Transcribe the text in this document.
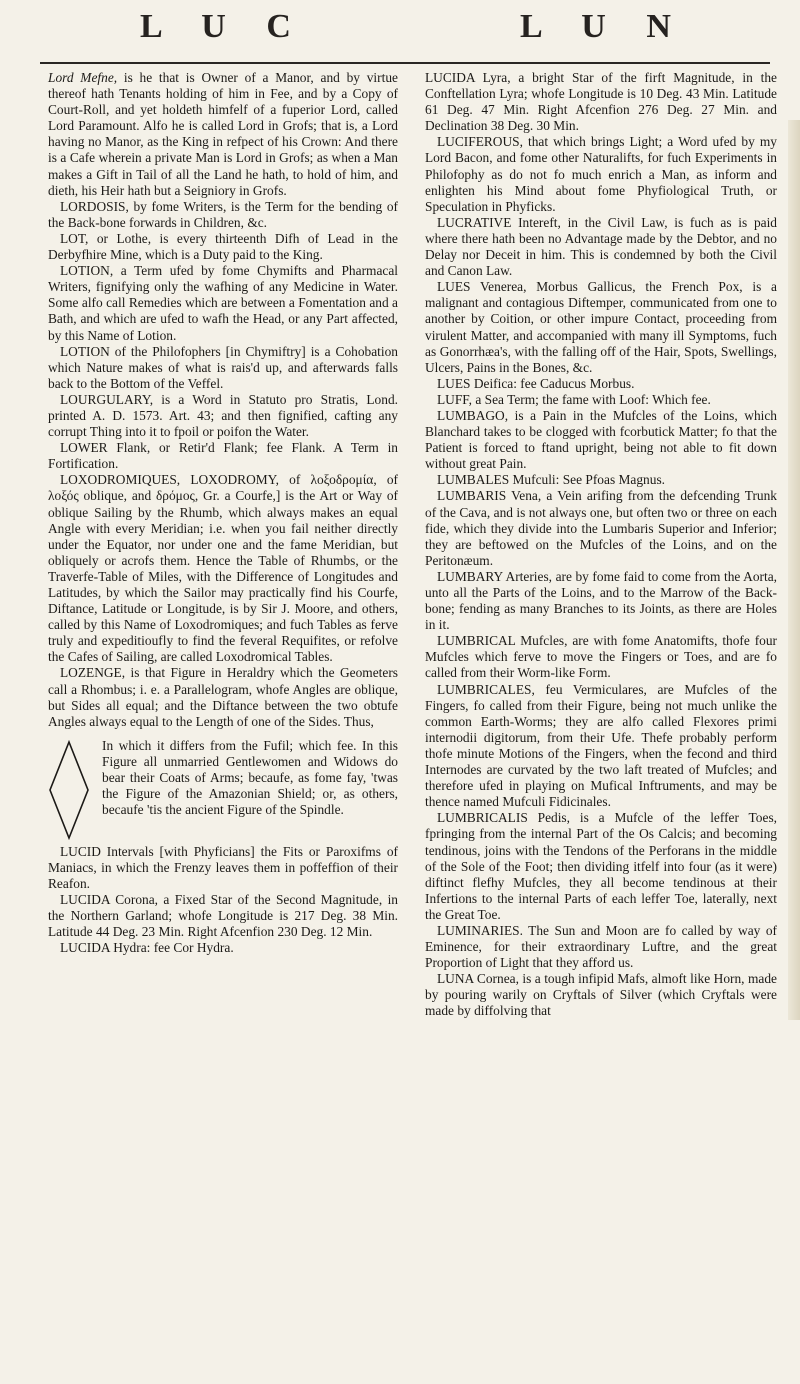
L U C	L U N

Lord Mefne, is he that is Owner of a Manor, and by virtue thereof hath Tenants holding of him in Fee, and by a Copy of Court-Roll, and yet holdeth himfelf of a fuperior Lord, called Lord Paramount. Alfo he is called Lord in Grofs; that is, a Lord having no Manor, as the King in refpect of his Crown: And there is a Cafe wherein a private Man is Lord in Grofs; as when a Man makes a Gift in Tail of all the Land he hath, to hold of him, and dieth, his Heir hath but a Seigniory in Grofs.

LORDOSIS, by fome Writers, is the Term for the bending of the Back-bone forwards in Children, &c.

LOT, or Lothe, is every thirteenth Difh of Lead in the Derbyfhire Mine, which is a Duty paid to the King.

LOTION, a Term ufed by fome Chymifts and Pharmacal Writers, fignifying only the wafhing of any Medicine in Water. Some alfo call Remedies which are between a Fomentation and a Bath, and which are ufed to wafh the Head, or any Part affected, by this Name of Lotion.

LOTION of the Philofophers [in Chymiftry] is a Cohobation which Nature makes of what is rais'd up, and afterwards falls back to the Bottom of the Veffel.

LOURGULARY, is a Word in Statuto pro Stratis, Lond. printed A. D. 1573. Art. 43; and then fignified, cafting any corrupt Thing into it to fpoil or poifon the Water.

LOWER Flank, or Retir'd Flank; fee Flank. A Term in Fortification.

LOXODROMIQUES, LOXODROMY, of λοξοδρομία, of λοξός oblique, and δρόμος, Gr. a Courfe,] is the Art or Way of oblique Sailing by the Rhumb, which always makes an equal Angle with every Meridian; i.e. when you fail neither directly under the Equator, nor under one and the fame Meridian, but obliquely or acrofs them. Hence the Table of Rhumbs, or the Traverfe-Table of Miles, with the Difference of Longitudes and Latitudes, by which the Sailor may practically find his Courfe, Diftance, Latitude or Longitude, is by Sir J. Moore, and others, called by this Name of Loxodromiques; and fuch Tables as ferve truly and expeditioufly to find the feveral Requifites, or refolve the Cafes of Sailing, are called Loxodromical Tables.

LOZENGE, is that Figure in Heraldry which the Geometers call a Rhombus; i. e. a Parallelogram, whofe Angles are oblique, but Sides all equal; and the Diftance between the two obtufe Angles always equal to the Length of one of the Sides. Thus,

In which it differs from the Fufil; which fee. In this Figure all unmarried Gentlewomen and Widows do bear their Coats of Arms; becaufe, as fome fay, 'twas the Figure of the Amazonian Shield; or, as others, becaufe 'tis the ancient Figure of the Spindle.

LUCID Intervals [with Phyficians] the Fits or Paroxifms of Maniacs, in which the Frenzy leaves them in poffeffion of their Reafon.

LUCIDA Corona, a Fixed Star of the Second Magnitude, in the Northern Garland; whofe Longitude is 217 Deg. 38 Min. Latitude 44 Deg. 23 Min. Right Afcenfion 230 Deg. 12 Min.

LUCIDA Hydra: fee Cor Hydra.

LUCIDA Lyra, a bright Star of the firft Magnitude, in the Conftellation Lyra; whofe Longitude is 10 Deg. 43 Min. Latitude 61 Deg. 47 Min. Right Afcenfion 276 Deg. 27 Min. and Declination 38 Deg. 30 Min.

LUCIFEROUS, that which brings Light; a Word ufed by my Lord Bacon, and fome other Naturalifts, for fuch Experiments in Philofophy as do not fo much enrich a Man, as inform and enlighten his Mind about fome Phyfiological Truth, or Speculation in Phyficks.

LUCRATIVE Intereft, in the Civil Law, is fuch as is paid where there hath been no Advantage made by the Debtor, and no Delay nor Deceit in him. This is condemned by both the Civil and Canon Law.

LUES Venerea, Morbus Gallicus, the French Pox, is a malignant and contagious Diftemper, communicated from one to another by Coition, or other impure Contact, proceeding from virulent Matter, and accompanied with many ill Symptoms, fuch as Gonorrhæa's, with the falling off of the Hair, Spots, Swellings, Ulcers, Pains in the Bones, &c.

LUES Deifica: fee Caducus Morbus.

LUFF, a Sea Term; the fame with Loof: Which fee.

LUMBAGO, is a Pain in the Mufcles of the Loins, which Blanchard takes to be clogged with fcorbutick Matter; fo that the Patient is forced to ftand upright, being not able to fit down without great Pain.

LUMBALES Mufculi: See Pfoas Magnus.

LUMBARIS Vena, a Vein arifing from the defcending Trunk of the Cava, and is not always one, but often two or three on each fide, which they divide into the Lumbaris Superior and Inferior; they are beftowed on the Mufcles of the Loins, and on the Peritonæum.

LUMBARY Arteries, are by fome faid to come from the Aorta, unto all the Parts of the Loins, and to the Marrow of the Back-bone; fending as many Branches to its Joints, as there are Holes in it.

LUMBRICAL Mufcles, are with fome Anatomifts, thofe four Mufcles which ferve to move the Fingers or Toes, and are fo called from their Worm-like Form.

LUMBRICALES, feu Vermiculares, are Mufcles of the Fingers, fo called from their Figure, being not much unlike the common Earth-Worms; they are alfo called Flexores primi internodii digitorum, from their Ufe. Thefe probably perform thofe minute Motions of the Fingers, when the fecond and third Internodes are curvated by the two laft treated of Mufcles; and therefore ufed in playing on Mufical Inftruments, and may be thence named Mufculi Fidicinales.

LUMBRICALIS Pedis, is a Mufcle of the leffer Toes, fpringing from the internal Part of the Os Calcis; and becoming tendinous, joins with the Tendons of the Perforans in the middle of the Sole of the Foot; then dividing itfelf into four (as it were) diftinct flefhy Mufcles, they all become tendinous at their Infertions to the internal Parts of each leffer Toe, laterally, next the Great Toe.

LUMINARIES. The Sun and Moon are fo called by way of Eminence, for their extraordinary Luftre, and the great Proportion of Light that they afford us.

LUNA Cornea, is a tough infipid Mafs, almoft like Horn, made by pouring warily on Cryftals of Silver (which Cryftals were made by diffolving that
